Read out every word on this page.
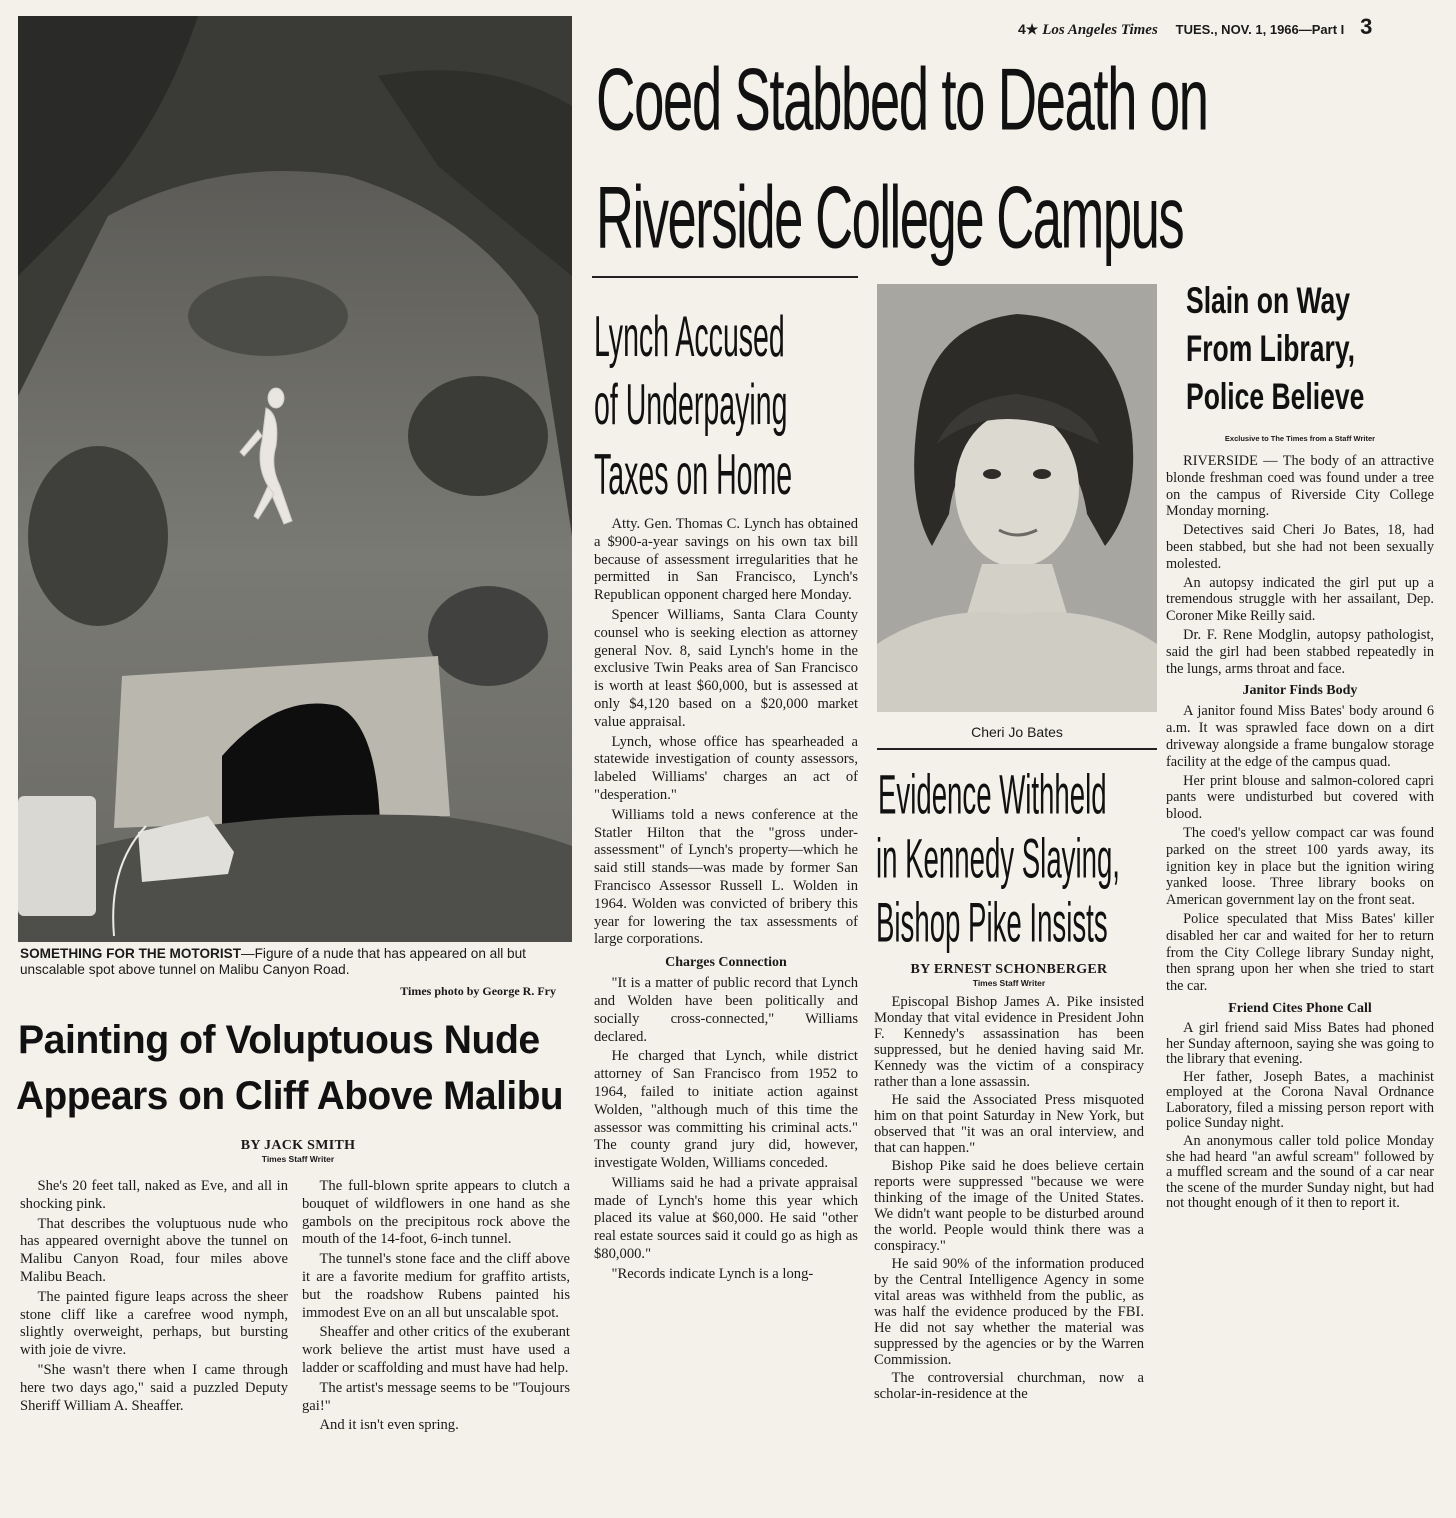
4★ Los Angeles Times TUES., NOV. 1, 1966—Part I 3
SOMETHING FOR THE MOTORIST—Figure of a nude that has appeared on all but unscalable spot above tunnel on Malibu Canyon Road.
Times photo by George R. Fry
Painting of Voluptuous Nude
Appears on Cliff Above Malibu
BY JACK SMITH
Times Staff Writer

She's 20 feet tall, naked as Eve, and all in shocking pink.

That describes the voluptuous nude who has appeared overnight above the tunnel on Malibu Canyon Road, four miles above Malibu Beach.

The painted figure leaps across the sheer stone cliff like a carefree wood nymph, slightly overweight, perhaps, but bursting with joie de vivre.

"She wasn't there when I came through here two days ago," said a puzzled Deputy Sheriff William A. Sheaffer.

The full-blown sprite appears to clutch a bouquet of wildflowers in one hand as she gambols on the precipitous rock above the mouth of the 14-foot, 6-inch tunnel.

The tunnel's stone face and the cliff above it are a favorite medium for graffito artists, but the roadshow Rubens painted his immodest Eve on an all but unscalable spot.

Sheaffer and other critics of the exuberant work believe the artist must have used a ladder or scaffolding and must have had help.

The artist's message seems to be "Toujours gai!"

And it isn't even spring.

Coed Stabbed to Death on
Riverside College Campus
Lynch Accused
of Underpaying
Taxes on Home

Atty. Gen. Thomas C. Lynch has obtained a $900-a-year savings on his own tax bill because of assessment irregularities that he permitted in San Francisco, Lynch's Republican opponent charged here Monday.

Spencer Williams, Santa Clara County counsel who is seeking election as attorney general Nov. 8, said Lynch's home in the exclusive Twin Peaks area of San Francisco is worth at least $60,000, but is assessed at only $4,120 based on a $20,000 market value appraisal.

Lynch, whose office has spearheaded a statewide investigation of county assessors, labeled Williams' charges an act of "desperation."

Williams told a news conference at the Statler Hilton that the "gross under-assessment" of Lynch's property—which he said still stands—was made by former San Francisco Assessor Russell L. Wolden in 1964. Wolden was convicted of bribery this year for lowering the tax assessments of large corporations.

Charges Connection

"It is a matter of public record that Lynch and Wolden have been politically and socially cross-connected," Williams declared.

He charged that Lynch, while district attorney of San Francisco from 1952 to 1964, failed to initiate action against Wolden, "although much of this time the assessor was committing his criminal acts." The county grand jury did, however, investigate Wolden, Williams conceded.

Williams said he had a private appraisal made of Lynch's home this year which placed its value at $60,000. He said "other real estate sources said it could go as high as $80,000."

"Records indicate Lynch is a long-

Cheri Jo Bates
Evidence Withheld
in Kennedy Slaying,
Bishop Pike Insists
BY ERNEST SCHONBERGER
Times Staff Writer

Episcopal Bishop James A. Pike insisted Monday that vital evidence in President John F. Kennedy's assassination has been suppressed, but he denied having said Mr. Kennedy was the victim of a conspiracy rather than a lone assassin.

He said the Associated Press misquoted him on that point Saturday in New York, but observed that "it was an oral interview, and that can happen."

Bishop Pike said he does believe certain reports were suppressed "because we were thinking of the image of the United States. We didn't want people to be disturbed around the world. People would think there was a conspiracy."

He said 90% of the information produced by the Central Intelligence Agency in some vital areas was withheld from the public, as was half the evidence produced by the FBI. He did not say whether the material was suppressed by the agencies or by the Warren Commission.

The controversial churchman, now a scholar-in-residence at the

Slain on Way
From Library,
Police Believe
Exclusive to The Times from a Staff Writer

RIVERSIDE — The body of an attractive blonde freshman coed was found under a tree on the campus of Riverside City College Monday morning.

Detectives said Cheri Jo Bates, 18, had been stabbed, but she had not been sexually molested.

An autopsy indicated the girl put up a tremendous struggle with her assailant, Dep. Coroner Mike Reilly said.

Dr. F. Rene Modglin, autopsy pathologist, said the girl had been stabbed repeatedly in the lungs, arms throat and face.

Janitor Finds Body

A janitor found Miss Bates' body around 6 a.m. It was sprawled face down on a dirt driveway alongside a frame bungalow storage facility at the edge of the campus quad.

Her print blouse and salmon-colored capri pants were undisturbed but covered with blood.

The coed's yellow compact car was found parked on the street 100 yards away, its ignition key in place but the ignition wiring yanked loose. Three library books on American government lay on the front seat.

Police speculated that Miss Bates' killer disabled her car and waited for her to return from the City College library Sunday night, then sprang upon her when she tried to start the car.

Friend Cites Phone Call

A girl friend said Miss Bates had phoned her Sunday afternoon, saying she was going to the library that evening.

Her father, Joseph Bates, a machinist employed at the Corona Naval Ordnance Laboratory, filed a missing person report with police Sunday night.

An anonymous caller told police Monday she had heard "an awful scream" followed by a muffled scream and the sound of a car near the scene of the murder Sunday night, but had not thought enough of it then to report it.
